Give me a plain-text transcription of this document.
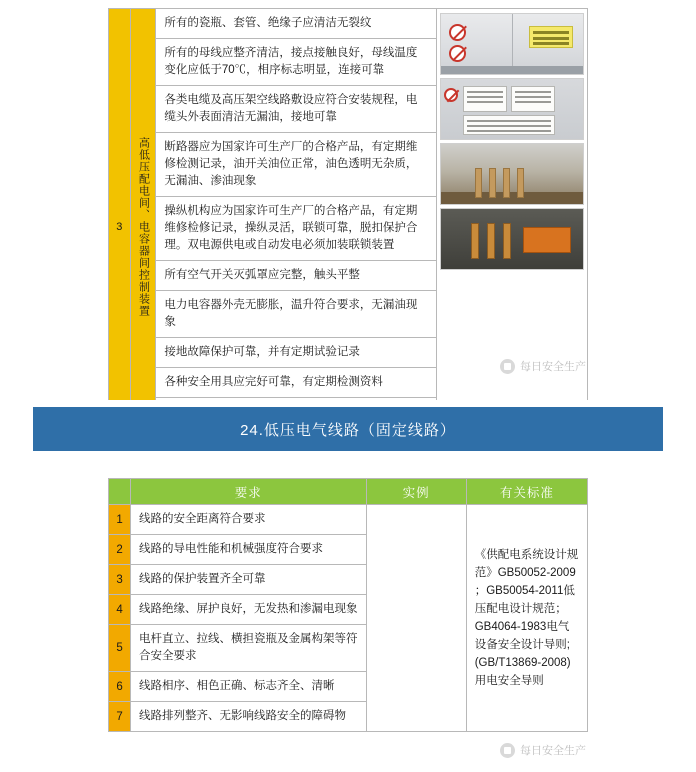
3	高低压配电间、电容器间控制装置
所有的瓷瓶、套管、绝缘子应清洁无裂纹
所有的母线应整齐清洁，接点接触良好，母线温度变化应低于70℃，相序标志明显，连接可靠
各类电缆及高压架空线路敷设应符合安装规程，电缆头外表面清洁无漏油，接地可靠
断路器应为国家许可生产厂的合格产品，有定期维修检测记录，油开关油位正常，油色透明无杂质，无漏油、渗油现象
操纵机构应为国家许可生产厂的合格产品，有定期维修检修记录，操纵灵活，联锁可靠，脱扣保护合理。双电源供电或自动发电必须加装联锁装置
所有空气开关灭弧罩应完整，触头平整
电力电容器外壳无膨胀，温升符合要求，无漏油现象
接地故障保护可靠，并有定期试验记录
各种安全用具应完好可靠，有定期检测资料
每日安全生产
24.低压电气线路（固定线路）
	要求	实例	有关标准
1	线路的安全距离符合要求		《供配电系统设计规范》GB50052-2009 ；GB50054-2011低压配电设计规范；GB4064-1983电气设备安全设计导则;(GB/T13869-2008)用电安全导则
2	线路的导电性能和机械强度符合要求		
3	线路的保护装置齐全可靠		
4	线路绝缘、屏护良好，无发热和渗漏电现象		
5	电杆直立、拉线、横担瓷瓶及金属构架等符合安全要求		
6	线路相序、相色正确、标志齐全、清晰		
7	线路排列整齐、无影响线路安全的障碍物		
每日安全生产
